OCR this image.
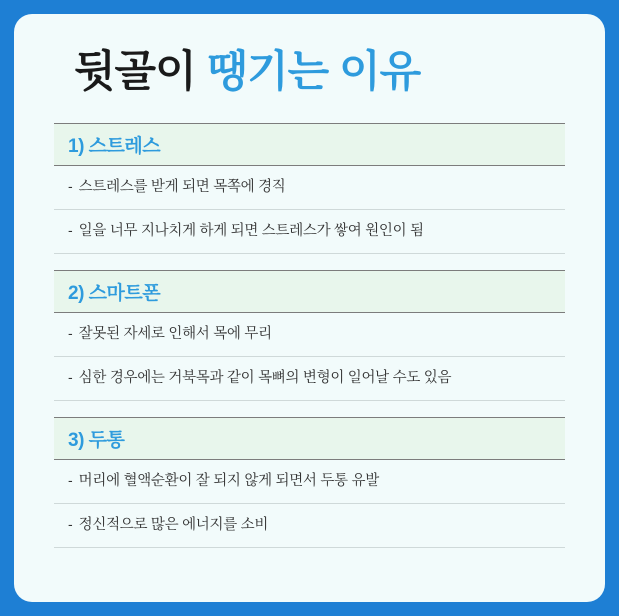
뒷골이 땡기는 이유
1) 스트레스
- 스트레스를 받게 되면 목쪽에 경직
- 일을 너무 지나치게 하게 되면 스트레스가 쌓여 원인이 됨
2) 스마트폰
- 잘못된 자세로 인해서 목에 무리
- 심한 경우에는 거북목과 같이 목뼈의 변형이 일어날 수도 있음
3) 두통
- 머리에 혈액순환이 잘 되지 않게 되면서 두통 유발
- 정신적으로 많은 에너지를 소비
